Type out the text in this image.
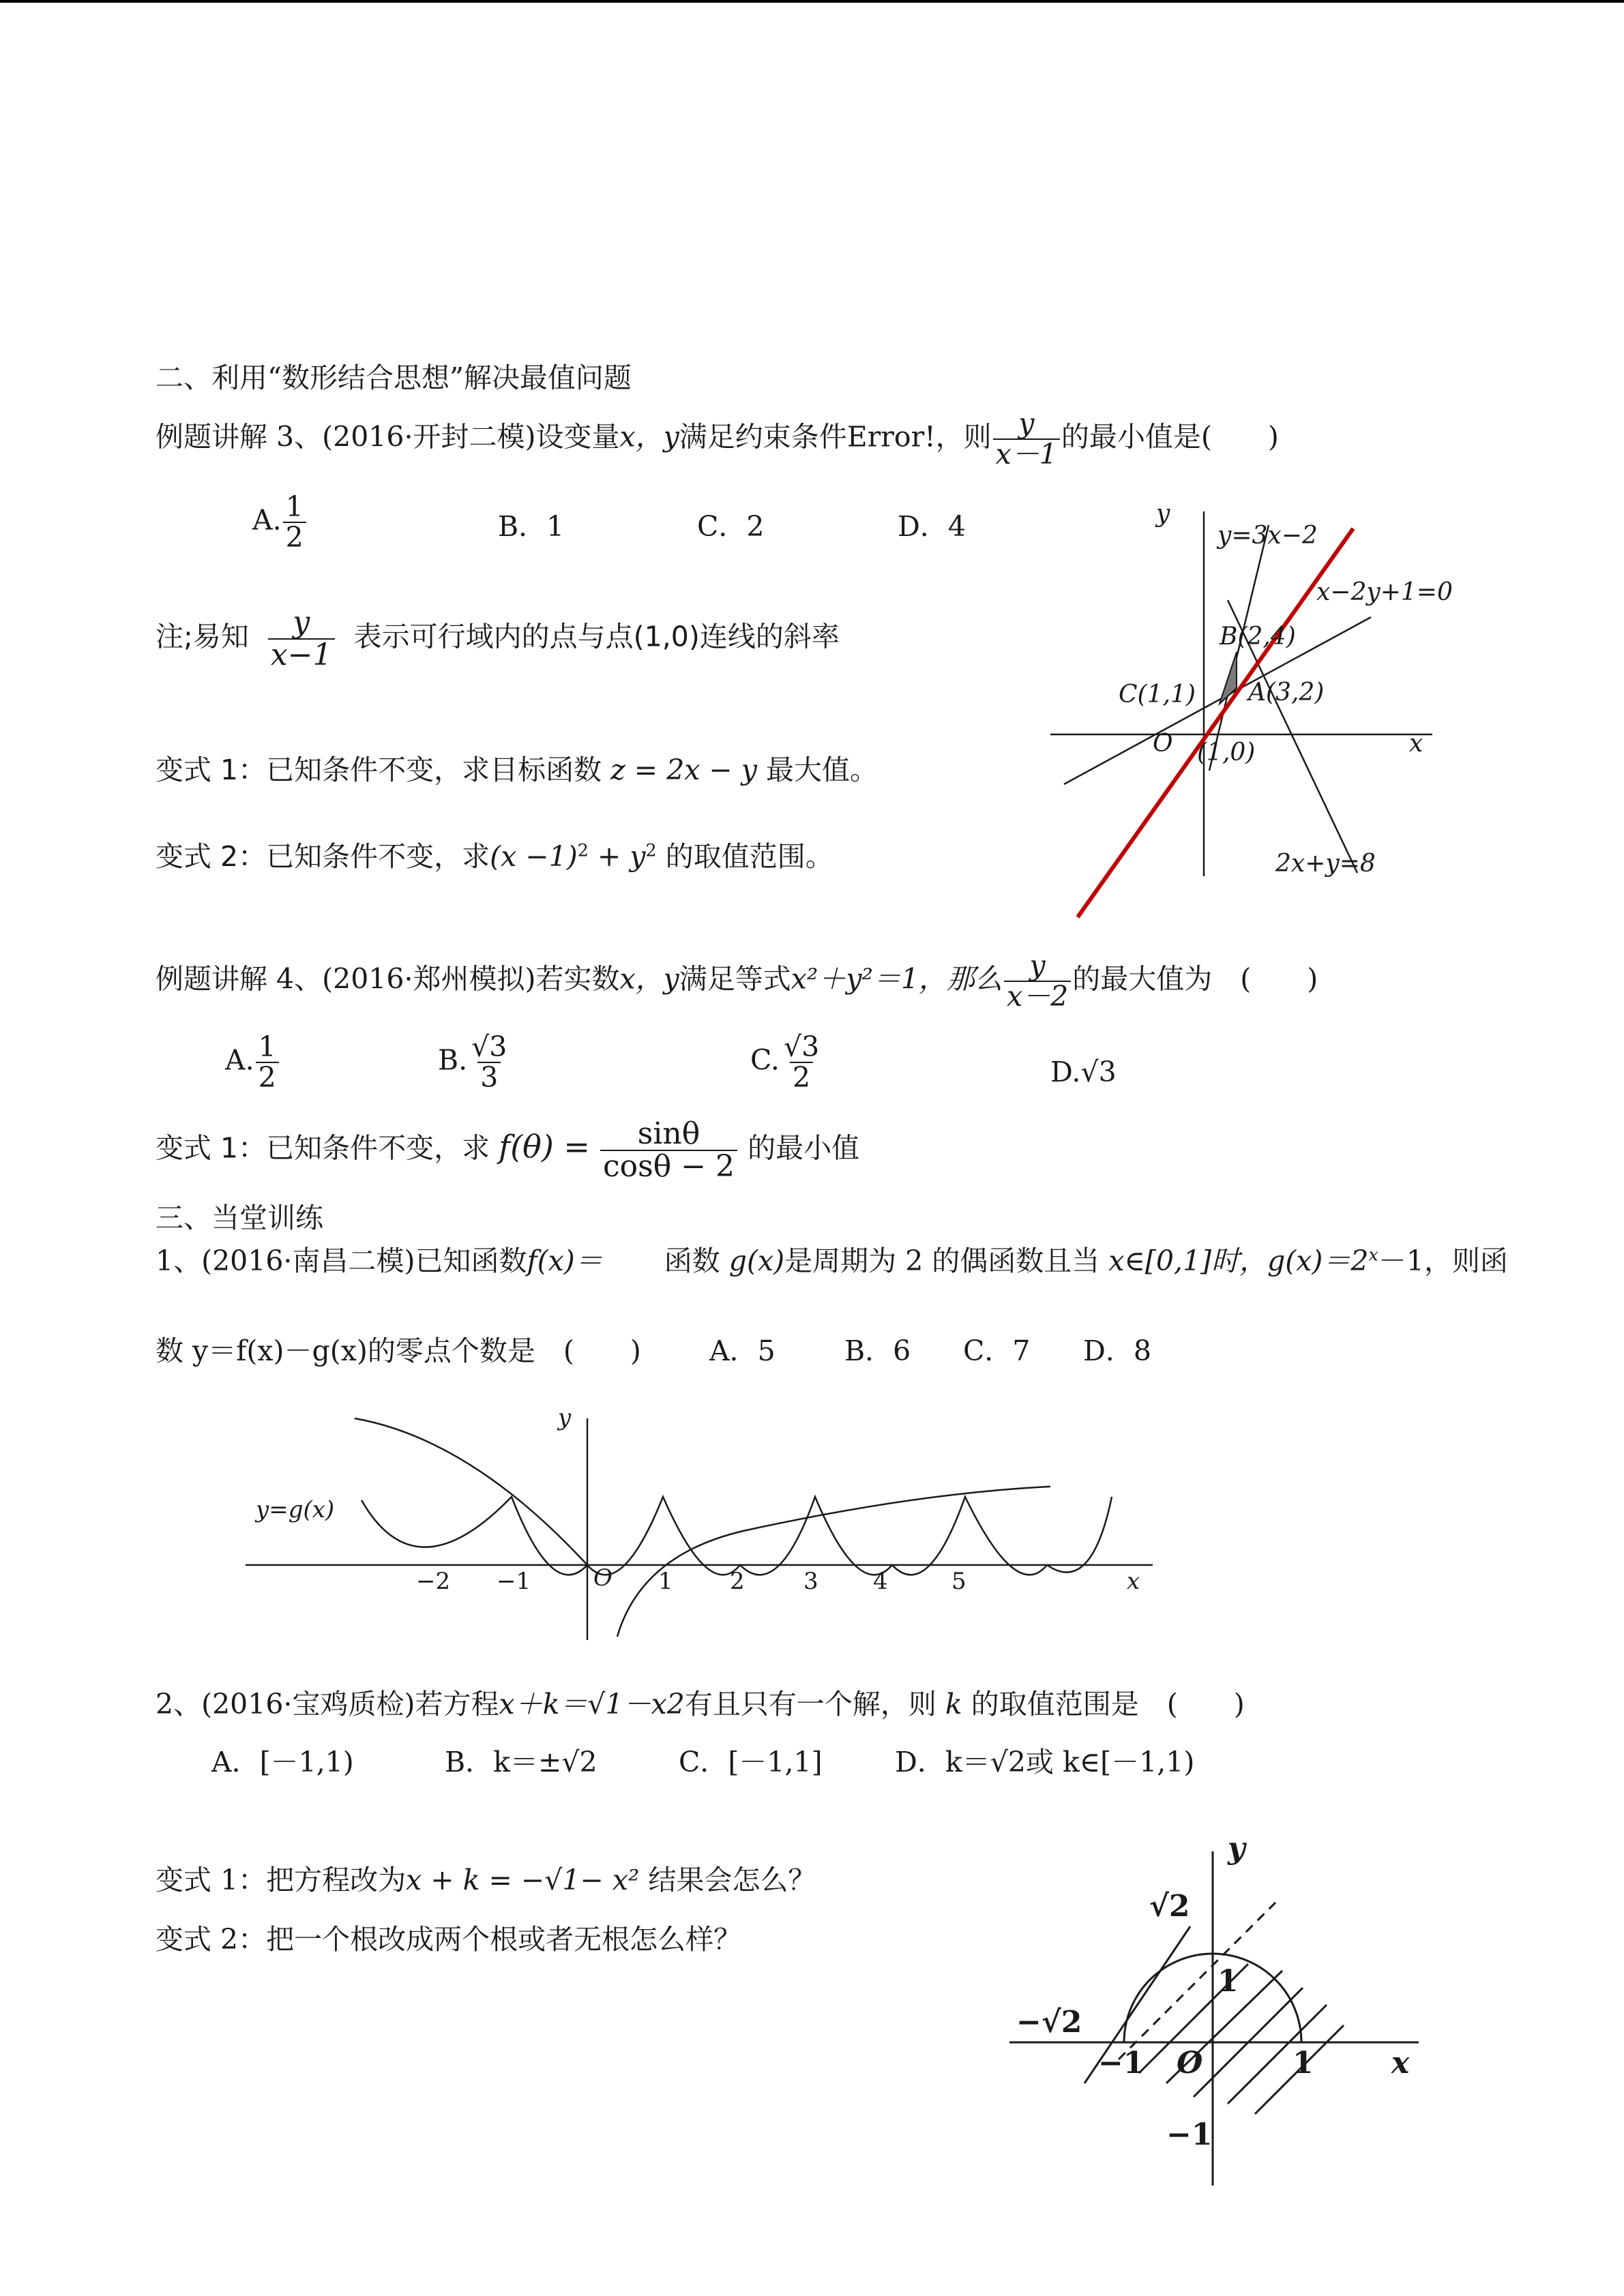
二、利用“数形结合思想”解决最值问题
例题讲解 3、(2016·开封二模)设变量x，y满足约束条件Error!，则 $\frac{y}{x-1}$ 的最小值是(　　)
A. $\frac{1}{2}$	B．1	C．2	D．4
注;易知 $\frac{y}{x-1}$ 表示可行域内的点与点(1,0)连线的斜率
变式 1：已知条件不变，求目标函数 z = 2x − y 最大值。
变式 2：已知条件不变，求$(x -1)^2 + y^2$ 的取值范围。
例题讲解 4、(2016·郑州模拟)若实数x，y满足等式x²＋y²＝1，那么 $\frac{y}{x-2}$ 的最大值为　(　　)
A. $\frac{1}{2}$	B. $\frac{√3}{3}$	C. $\frac{√3}{2}$	D.√3
变式 1：已知条件不变，求 $f(\theta) = \frac{\sin\theta}{\cos\theta - 2}$ 的最小值
三、当堂训练
1、(2016·南昌二模)已知函数f(x)＝ 函数 g(x)是周期为 2 的偶函数且当 x∈[0,1]时，$g(x)=2^x-1$，则函
数 y＝f(x)－g(x)的零点个数是　(　　) A．5 B．6 C．7 D．8
2、(2016·宝鸡质检)若方程x＋k＝√1－x2有且只有一个解，则 k 的取值范围是　(　　)
A．[－1,1)	B．k＝±√2	C．[－1,1]	D．k＝√2或 k∈[－1,1)
变式 1：把方程改为x + k = −√1− x² 结果会怎么？
变式 2：把一个根改成两个根或者无根怎么样？
y
x
O
y=3x−2
x−2y+1=0
2x+y=8
B(2,4)
A(3,2)
C(1,1)
(1,0)
y
x
O
y=g(x)
−2 −1	1 2	3 4	5
y
x
O
√2
−√2
1
−1
1
−1
